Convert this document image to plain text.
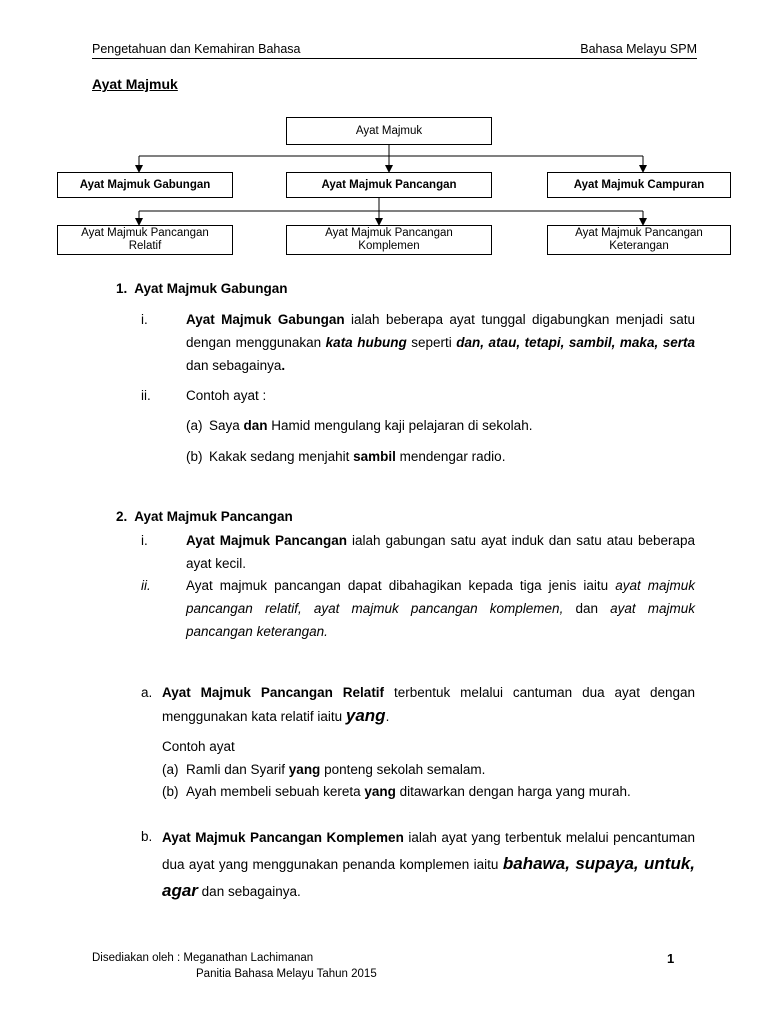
Pengetahuan dan Kemahiran Bahasa	Bahasa Melayu SPM
Ayat Majmuk
Ayat Majmuk
Ayat Majmuk Gabungan	Ayat Majmuk Pancangan	Ayat Majmuk Campuran
Ayat Majmuk Pancangan
Relatif
Ayat Majmuk Pancangan
Komplemen
Ayat Majmuk Pancangan
Keterangan
1.  Ayat Majmuk Gabungan
i.	Ayat Majmuk Gabungan ialah beberapa ayat tunggal digabungkan menjadi satu dengan menggunakan kata hubung seperti dan, atau, tetapi, sambil, maka, serta dan sebagainya.
ii.	Contoh ayat :
(a) Saya dan Hamid mengulang kaji pelajaran di sekolah.
(b) Kakak sedang menjahit sambil mendengar radio.
2.  Ayat Majmuk Pancangan
i.	Ayat Majmuk Pancangan ialah gabungan satu ayat induk dan satu atau beberapa ayat kecil.
ii.	Ayat majmuk pancangan dapat dibahagikan kepada tiga jenis iaitu ayat majmuk pancangan relatif, ayat majmuk pancangan komplemen, dan ayat majmuk pancangan keterangan.
a. Ayat Majmuk Pancangan Relatif terbentuk melalui cantuman dua ayat dengan menggunakan kata relatif iaitu yang.
Contoh ayat
(a) Ramli dan Syarif yang ponteng sekolah semalam.
(b) Ayah membeli sebuah kereta yang ditawarkan dengan harga yang murah.
b. Ayat Majmuk Pancangan Komplemen ialah ayat yang terbentuk melalui pencantuman dua ayat yang menggunakan penanda komplemen iaitu bahawa, supaya, untuk, agar dan sebagainya.
Disediakan oleh : Meganathan Lachimanan
Panitia Bahasa Melayu Tahun 2015
1
